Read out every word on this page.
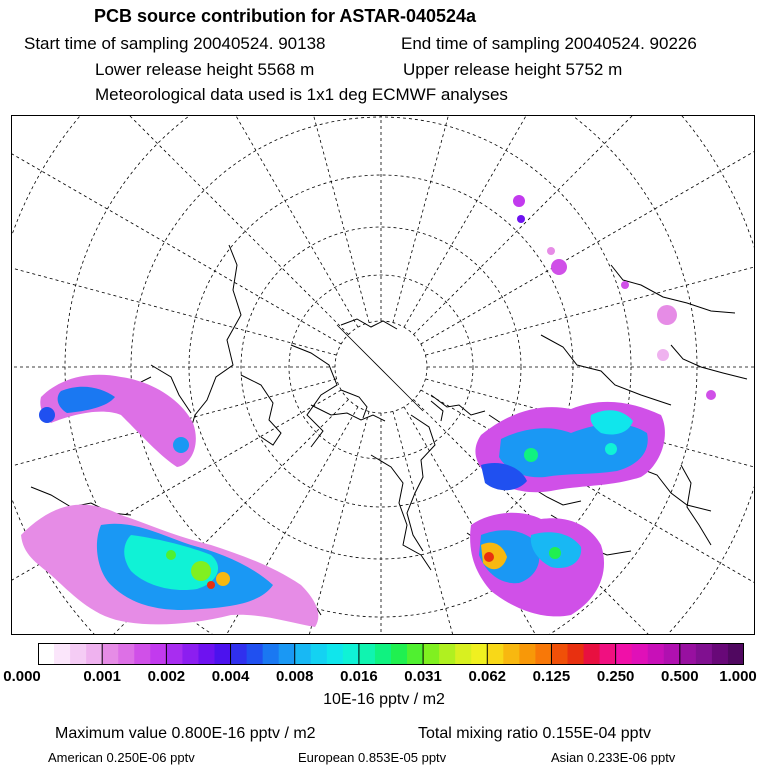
PCB source contribution for ASTAR-040524a
Start time of sampling 20040524. 90138	End time of sampling 20040524. 90226
Lower release height 5568 m	Upper release height 5752 m
Meteorological data used is 1x1 deg ECMWF analyses
0.000	0.001 0.002 0.004 0.008 0.016 0.031 0.062 0.125 0.250 0.500 1.000
10E-16 pptv / m2
Maximum value 0.800E-16 pptv / m2	Total mixing ratio 0.155E-04 pptv
American 0.250E-06 pptv	European 0.853E-05 pptv	Asian 0.233E-06 pptv
